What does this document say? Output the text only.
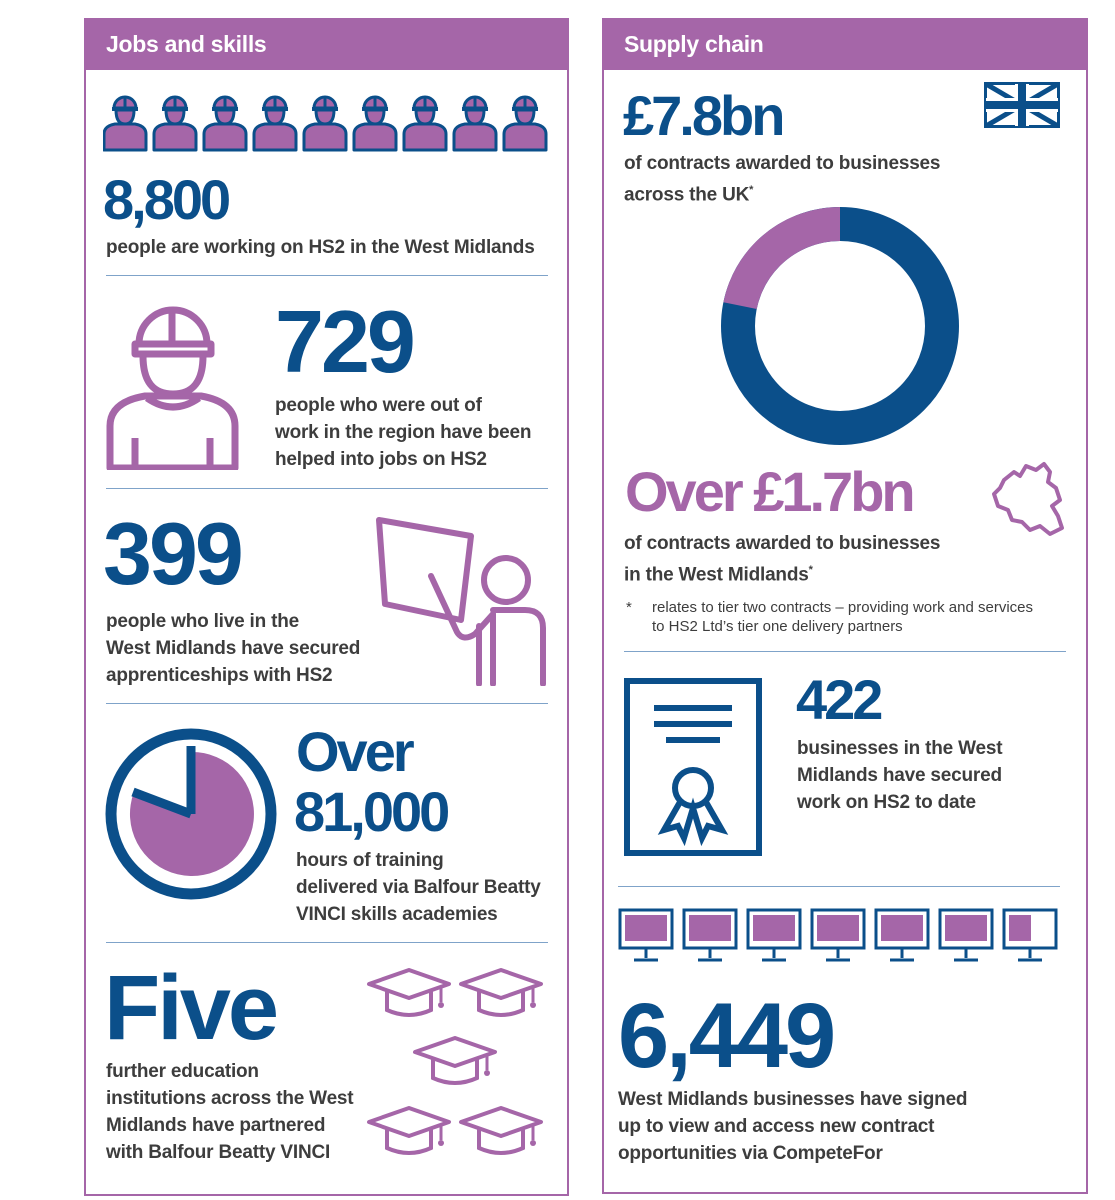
Jobs and skills
8,800
people are working on HS2 in the West Midlands
729
people who were out of
work in the region have been
helped into jobs on HS2
399
people who live in the
West Midlands have secured
apprenticeships with HS2
Over
81,000
hours of training
delivered via Balfour Beatty
VINCI skills academies
Five
further education
institutions across the West
Midlands have partnered
with Balfour Beatty VINCI
Supply chain
£7.8bn
of contracts awarded to businesses
across the UK*
Over £1.7bn
of contracts awarded to businesses
in the West Midlands*
* relates to tier two contracts – providing work and services
to HS2 Ltd’s tier one delivery partners
422
businesses in the West
Midlands have secured
work on HS2 to date
6,449
West Midlands businesses have signed
up to view and access new contract
opportunities via CompeteFor
